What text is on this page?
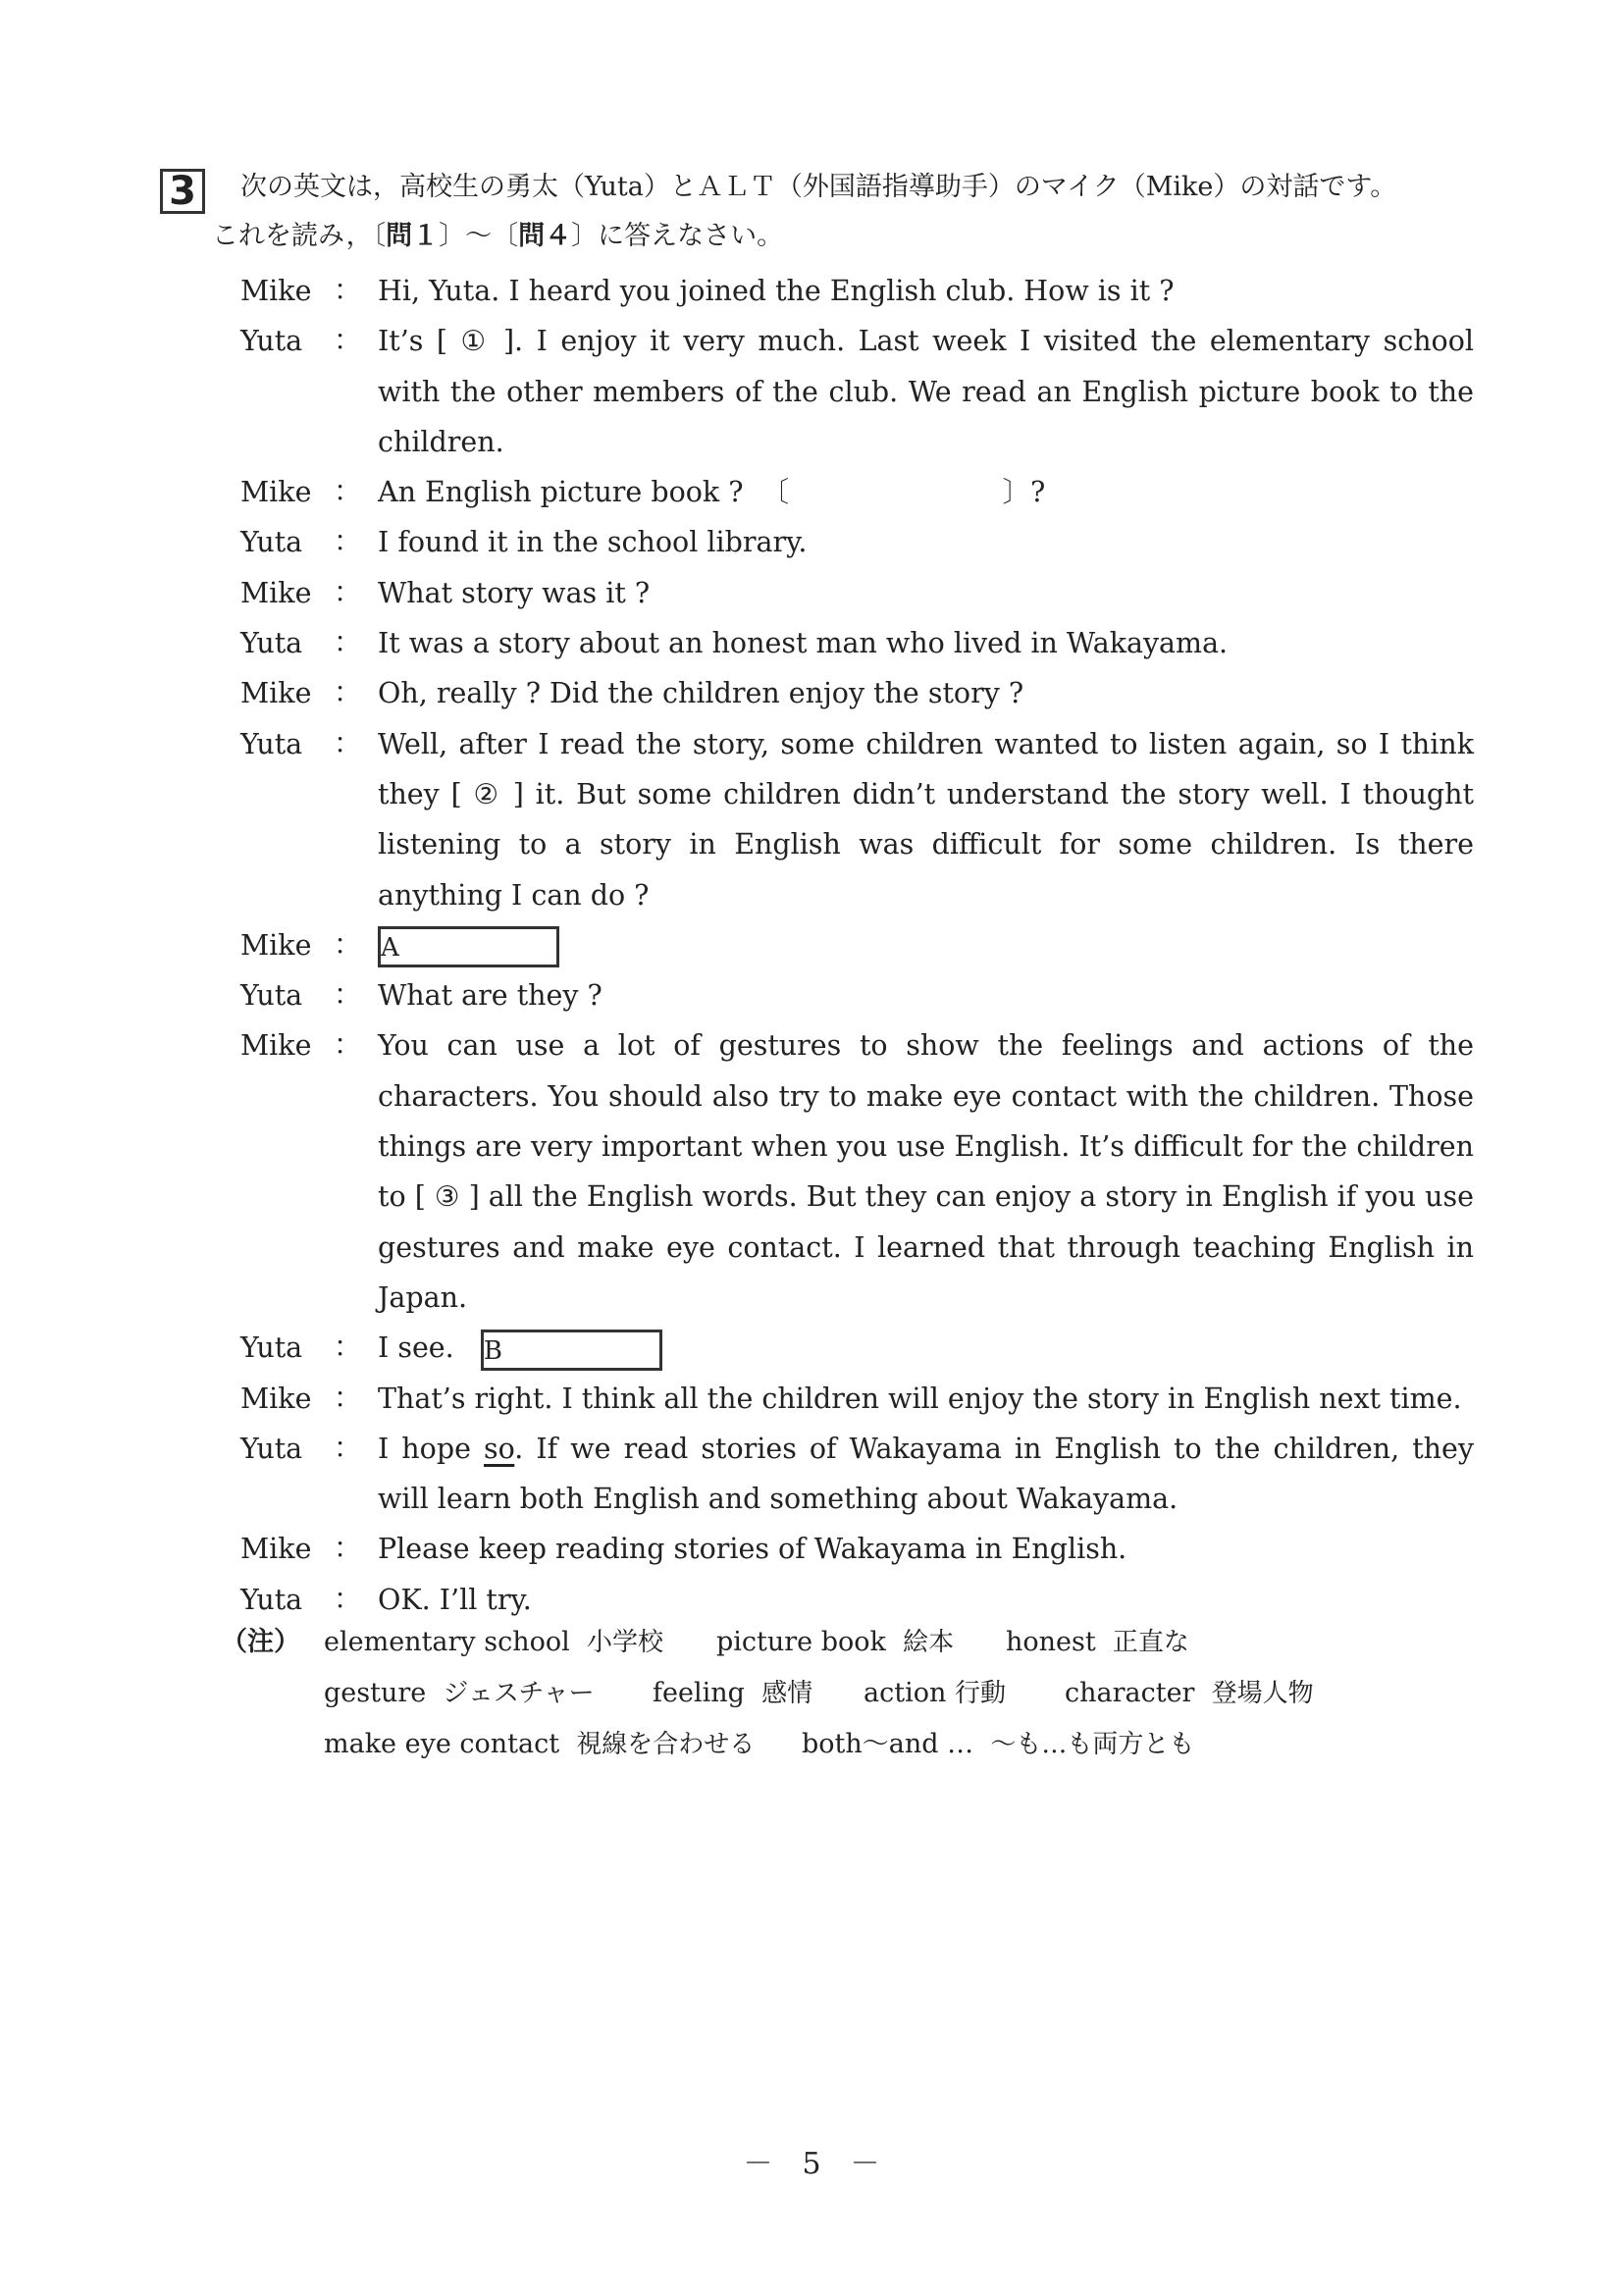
3	次の英文は，高校生の勇太（Yuta）とＡＬＴ（外国語指導助手）のマイク（Mike）の対話です。
これを読み，〔問１〕～〔問４〕に答えなさい。
Mike ： Hi, Yuta. I heard you joined the English club. How is it ?
Yuta	： It’s [ ① ]. I enjoy it very much. Last week I visited the elementary school with the other members of the club. We read an English picture book to the children.
Mike ： An English picture book ?  〔                        〕?
Yuta	： I found it in the school library.
Mike ： What story was it ?
Yuta	： It was a story about an honest man who lived in Wakayama.
Mike ： Oh, really ? Did the children enjoy the story ?
Yuta	： Well, after I read the story, some children wanted to listen again, so I think they [ ② ] it. But some children didn’t understand the story well. I thought listening to a story in English was difficult for some children. Is there anything I can do ?
Mike ： A
Yuta	： What are they ?
Mike ： You can use a lot of gestures to show the feelings and actions of the characters. You should also try to make eye contact with the children. Those things are very important when you use English. It’s difficult for the children to [ ③ ] all the English words. But they can enjoy a story in English if you use gestures and make eye contact. I learned that through teaching English in Japan.
Yuta	： I see. B
Mike ： That’s right. I think all the children will enjoy the story in English next time.
Yuta	： I hope so. If we read stories of Wakayama in English to the children, they will learn both English and something about Wakayama.
Mike ： Please keep reading stories of Wakayama in English.
Yuta	： OK. I’ll try.
（注） elementary school 小学校	picture book 絵本	honest 正直な
gesture ジェスチャー	feeling 感情	action 行動	character 登場人物
make eye contact 視線を合わせる	both～and … ～も…も両方とも
－　5　－
